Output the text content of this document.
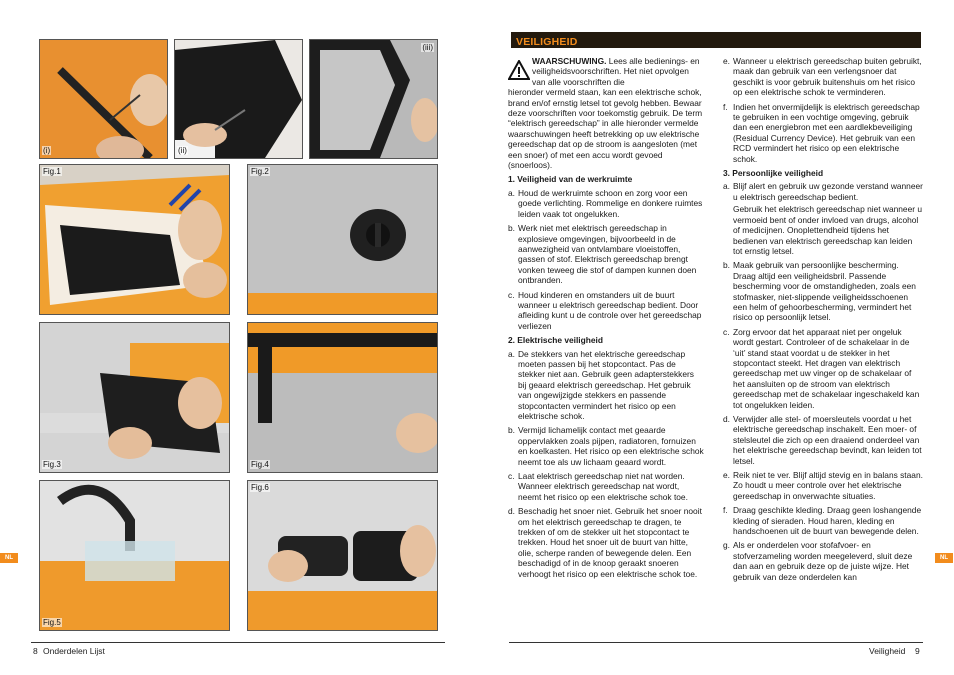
(i)	(ii)
(iii)
Fig.1	Fig.2
Fig.3	Fig.4
Fig.5
Fig.6
NL
8 Onderdelen Lijst
VEILIGHEID

WAARSCHUWING. Lees alle bedienings- en veiligheidsvoorschriften. Het niet opvolgen van alle voorschriften die

hieronder vermeld staan, kan een elektrische schok, brand en/of ernstig letsel tot gevolg hebben. Bewaar deze voorschriften voor toekomstig gebruik. De term “elektrisch gereedschap” in alle hieronder vermelde waarschuwingen heeft betrekking op uw elektrische gereedschap dat op de stroom is aangesloten (met een snoer) of met een accu wordt gevoed (snoerloos).

1. Veiligheid van de werkruimte
a. Houd de werkruimte schoon en zorg voor een goede verlichting. Rommelige en donkere ruimtes leiden vaak tot ongelukken.
b. Werk niet met elektrisch gereedschap in explosieve omgevingen, bijvoorbeeld in de aanwezigheid van ontvlambare vloeistoffen, gassen of stof. Elektrisch gereedschap brengt vonken teweeg die stof of dampen kunnen doen ontbranden.
c. Houd kinderen en omstanders uit de buurt wanneer u elektrisch gereedschap bedient. Door afleiding kunt u de controle over het gereedschap verliezen
2. Elektrische veiligheid
a. De stekkers van het elektrische gereedschap moeten passen bij het stopcontact. Pas de stekker niet aan. Gebruik geen adapterstekkers bij geaard elektrisch gereedschap. Het gebruik van ongewijzigde stekkers en passende stopcontacten vermindert het risico op een elektrische schok.
b. Vermijd lichamelijk contact met geaarde oppervlakken zoals pijpen, radiatoren, fornuizen en koelkasten. Het risico op een elektrische schok neemt toe als uw lichaam geaard wordt.
c. Laat elektrisch gereedschap niet nat worden. Wanneer elektrisch gereedschap nat wordt, neemt het risico op een elektrische schok toe.
d. Beschadig het snoer niet. Gebruik het snoer nooit om het elektrisch gereedschap te dragen, te trekken of om de stekker uit het stopcontact te trekken. Houd het snoer uit de buurt van hitte, olie, scherpe randen of bewegende delen. Een beschadigd of in de knoop geraakt snoeren verhoogt het risico op een elektrische schok toe.
e. Wanneer u elektrisch gereedschap buiten gebruikt, maak dan gebruik van een verlengsnoer dat geschikt is voor gebruik buitenshuis om het risico op een elektrische schok te verminderen.
f. Indien het onvermijdelijk is elektrisch gereedschap te gebruiken in een vochtige omgeving, gebruik dan een energiebron met een aardlekbeveiliging (Residual Currency Device). Het gebruik van een RCD vermindert het risico op een elektrische schok.
3. Persoonlijke veiligheid
a. Blijf alert en gebruik uw gezonde verstand wanneer u elektrisch gereedschap bedient.
Gebruik het elektrisch gereedschap niet wanneer u vermoeid bent of onder invloed van drugs, alcohol of medicijnen. Onoplettendheid tijdens het bedienen van elektrisch gereedschap kan leiden tot ernstig letsel.
b. Maak gebruik van persoonlijke bescherming. Draag altijd een veiligheidsbril. Passende bescherming voor de omstandigheden, zoals een stofmasker, niet-slippende veiligheidsschoenen een helm of gehoorbescherming, vermindert het risico op persoonlijk letsel.
c. Zorg ervoor dat het apparaat niet per ongeluk wordt gestart. Controleer of de schakelaar in de ‘uit’ stand staat voordat u de stekker in het stopcontact steekt. Het dragen van elektrisch gereedschap met uw vinger op de schakelaar of het aansluiten op de stroom van elektrisch gereedschap met de schakelaar ingeschakeld kan tot ongelukken leiden.
d. Verwijder alle stel- of moersleutels voordat u het elektrische gereedschap inschakelt. Een moer- of stelsleutel die zich op een draaiend onderdeel van het elektrische gereedschap bevindt, kan leiden tot letsel.
e. Reik niet te ver. Blijf altijd stevig en in balans staan. Zo houdt u meer controle over het elektrische gereedschap in onverwachte situaties.
f. Draag geschikte kleding. Draag geen loshangende kleding of sieraden. Houd haren, kleding en handschoenen uit de buurt van bewegende delen.
g. Als er onderdelen voor stofafvoer- en stofverzameling worden meegeleverd, sluit deze dan aan en gebruik deze op de juiste wijze. Het gebruik van deze onderdelen kan
NL
Veiligheid 9
